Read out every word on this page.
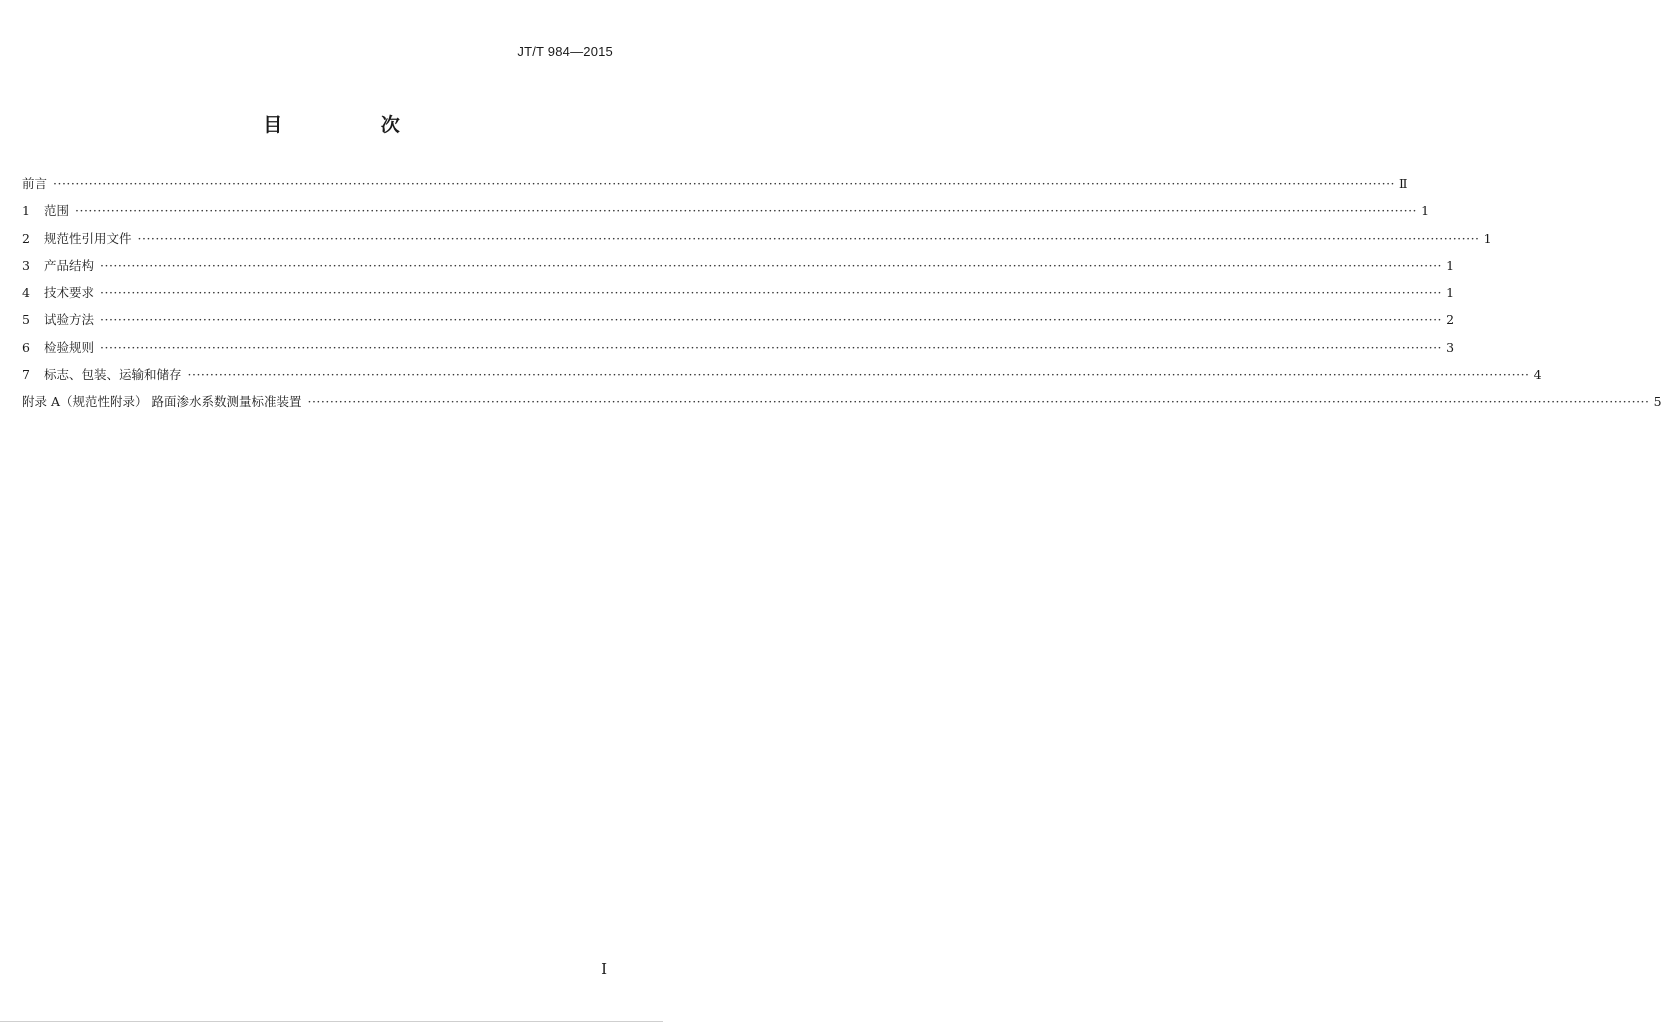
JT/T 984—2015
目 次
前言 ············································································································································································································································································································ Ⅱ
1	范围 ············································································································································································································································································································ 1
2	规范性引用文件 ············································································································································································································································································································ 1
3	产品结构 ············································································································································································································································································································ 1
4	技术要求 ············································································································································································································································································································ 1
5	试验方法 ············································································································································································································································································································ 2
6	检验规则 ············································································································································································································································································································ 3
7	标志、包装、运输和储存 ············································································································································································································································································································ 4
附录 A（规范性附录） 路面渗水系数测量标准装置 ············································································································································································································································································································ 5
I
